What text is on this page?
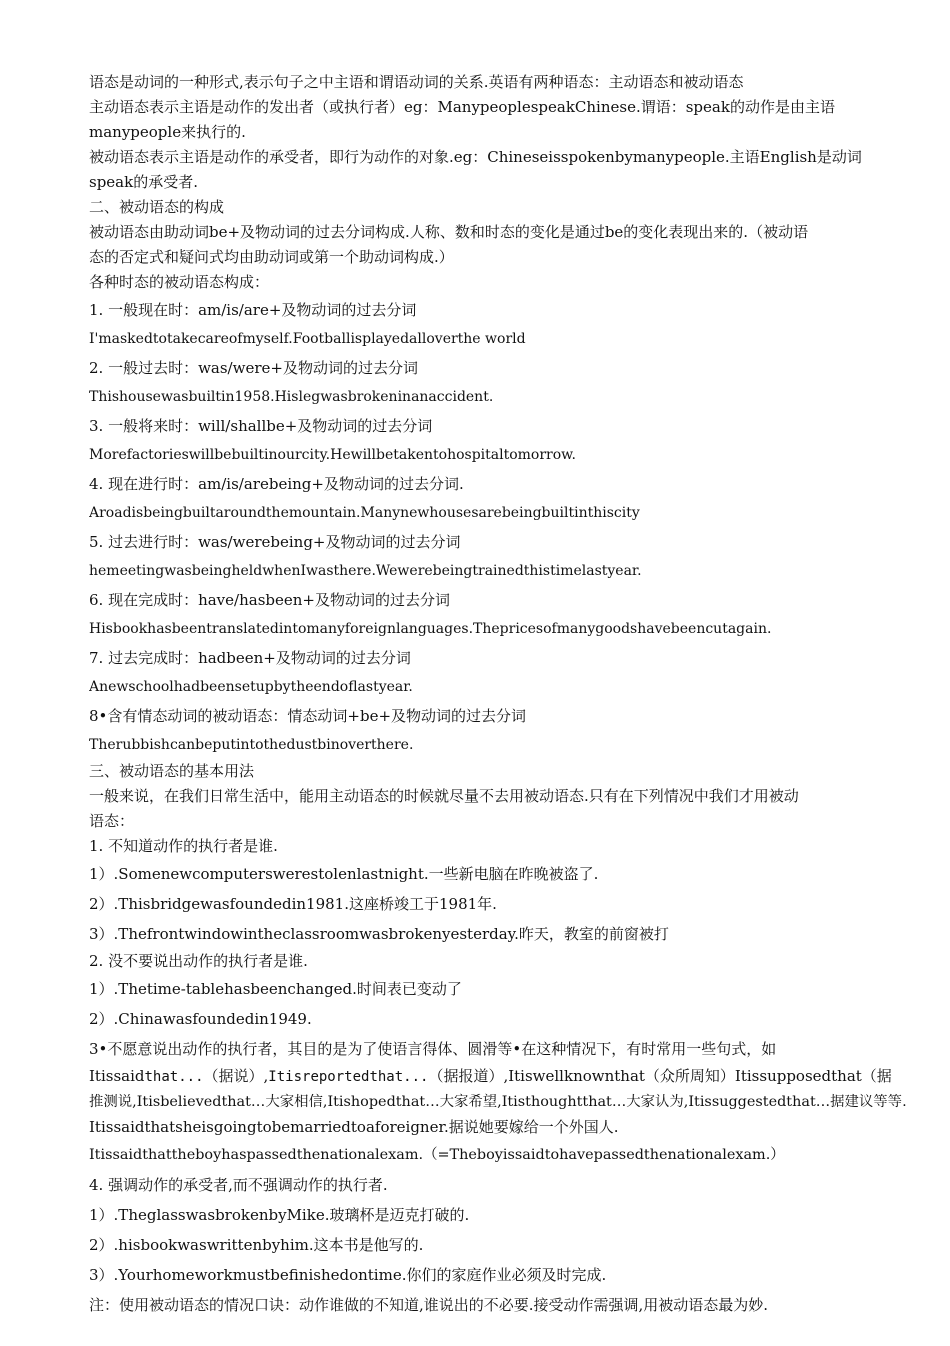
语态是动词的一种形式,表示句子之中主语和谓语动词的关系.英语有两种语态：主动语态和被动语态
主动语态表示主语是动作的发出者（或执行者）eg：ManypeoplespeakChinese.谓语：speak的动作是由主语
manypeople来执行的.
被动语态表示主语是动作的承受者，即行为动作的对象.eg：Chineseisspokenbymanypeople.主语English是动词
speak的承受者.
二、被动语态的构成
被动语态由助动词be+及物动词的过去分词构成.人称、数和时态的变化是通过be的变化表现出来的.（被动语
态的否定式和疑问式均由助动词或第一个助动词构成.）
各种时态的被动语态构成：
1. 一般现在时：am/is/are+及物动词的过去分词
I'maskedtotakecareofmyself.Footballisplayedalloverthe world
2. 一般过去时：was/were+及物动词的过去分词
Thishousewasbuiltin1958.Hislegwasbrokeninanaccident.
3. 一般将来时：will/shallbe+及物动词的过去分词
Morefactorieswillbebuiltinourcity.Hewillbetakentohospitaltomorrow.
4. 现在进行时：am/is/arebeing+及物动词的过去分词.
Aroadisbeingbuiltaroundthemountain.Manynewhousesarebeingbuiltinthiscity
5. 过去进行时：was/werebeing+及物动词的过去分词
hemeetingwasbeingheldwhenIwasthere.Wewerebeingtrainedthistimelastyear.
6. 现在完成时：have/hasbeen+及物动词的过去分词
Hisbookhasbeentranslatedintomanyforeignlanguages.Thepricesofmanygoodshavebeencutagain.
7. 过去完成时：hadbeen+及物动词的过去分词
Anewschoolhadbeensetupbytheendoflastyear.
8•含有情态动词的被动语态：情态动词+be+及物动词的过去分词
Therubbishcanbeputintothedustbinoverthere.
三、被动语态的基本用法
一般来说，在我们日常生活中，能用主动语态的时候就尽量不去用被动语态.只有在下列情况中我们才用被动
语态：
1. 不知道动作的执行者是谁.
1）.Somenewcomputerswerestolenlastnight.一些新电脑在昨晚被盗了.
2）.Thisbridgewasfoundedin1981.这座桥竣工于1981年.
3）.Thefrontwindowintheclassroomwasbrokenyesterday.昨天，教室的前窗被打
2. 没不要说出动作的执行者是谁.
1）.Thetime-tablehasbeenchanged.时间表已变动了
2）.Chinawasfoundedin1949.
3•不愿意说出动作的执行者，其目的是为了使语言得体、圆滑等•在这种情况下，有时常用一些句式，如
Itissaidthat...（据说）,Itisreportedthat...（据报道）,Itiswellknownthat（众所周知）Itissupposedthat（据
推测说,Itisbelievedthat…大家相信,Itishopedthat…大家希望,Itisthoughtthat…大家认为,Itissuggestedthat…据建议等等.
Itissaidthatsheisgoingtobemarriedtoaforeigner.据说她要嫁给一个外国人.
Itissaidthattheboyhaspassedthenationalexam.（=Theboyissaidtohavepassedthenationalexam.）
4. 强调动作的承受者,而不强调动作的执行者.
1）.TheglasswasbrokenbyMike.玻璃杯是迈克打破的.
2）.hisbookwaswrittenbyhim.这本书是他写的.
3）.Yourhomeworkmustbefinishedontime.你们的家庭作业必须及时完成.
注：使用被动语态的情况口诀：动作谁做的不知道,谁说出的不必要.接受动作需强调,用被动语态最为妙.
